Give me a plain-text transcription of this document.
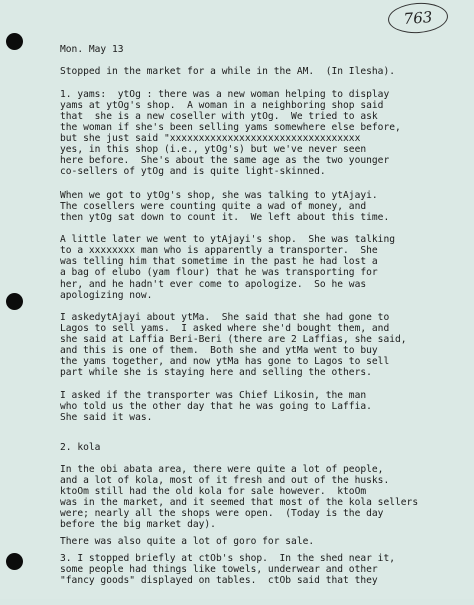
763

Mon. May 13

Stopped in the market for a while in the AM.  (In Ilesha).

1. yams:  ytOg : there was a new woman helping to display

yams at ytOg's shop.  A woman in a neighboring shop said

that  she is a new coseller with ytOg.  We tried to ask

the woman if she's been selling yams somewhere else before,

but she just said "xxxxxxxxxxxxxxxxxxxxxxxxxxxxxxxxx

yes, in this shop (i.e., ytOg's) but we've never seen

here before.  She's about the same age as the two younger

co-sellers of ytOg and is quite light-skinned.

When we got to ytOg's shop, she was talking to ytAjayi.

The cosellers were counting quite a wad of money, and

then ytOg sat down to count it.  We left about this time.

A little later we went to ytAjayi's shop.  She was talking

to a xxxxxxxx man who is apparently a transporter.  She

was telling him that sometime in the past he had lost a

a bag of elubo (yam flour) that he was transporting for

her, and he hadn't ever come to apologize.  So he was

apologizing now.

I askedytAjayi about ytMa.  She said that she had gone to

Lagos to sell yams.  I asked where she'd bought them, and

she said at Laffia Beri-Beri (there are 2 Laffias, she said,

and this is one of them.  Both she and ytMa went to buy

the yams together, and now ytMa has gone to Lagos to sell

part while she is staying here and selling the others.

I asked if the transporter was Chief Likosin, the man

who told us the other day that he was going to Laffia.

She said it was.

2. kola

In the obi abata area, there were quite a lot of people,

and a lot of kola, most of it fresh and out of the husks.

ktoOm still had the old kola for sale however.  ktoOm

was in the market, and it seemed that most of the kola sellers

were; nearly all the shops were open.  (Today is the day

before the big market day).

There was also quite a lot of goro for sale.

3. I stopped briefly at ctOb's shop.  In the shed near it,

some people had things like towels, underwear and other

"fancy goods" displayed on tables.  ctOb said that they
